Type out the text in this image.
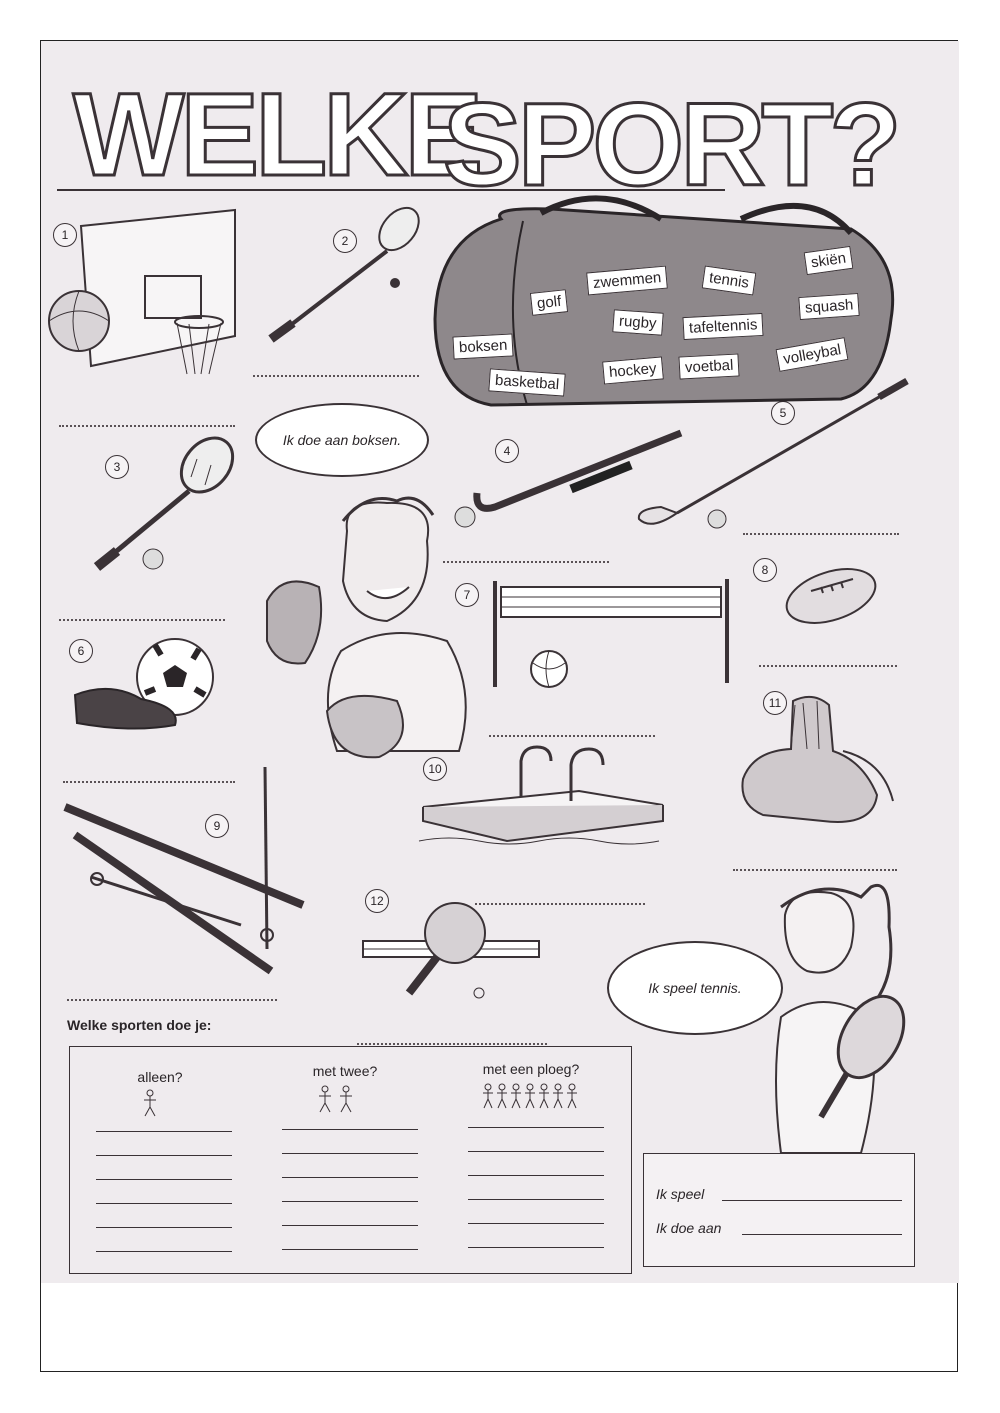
WELKE
SPORT?
1	2
3
4
5
6
7
8
9
10
11
12
zwemmen	tennis
skiën
golf
rugby	tafeltennis
squash
boksen
hockey	voetbal	volleybal
basketbal
Ik doe aan boksen.
Ik speel tennis.
Welke sporten doe je:
alleen?	met twee?	met een ploeg?
Ik speel
Ik doe aan
